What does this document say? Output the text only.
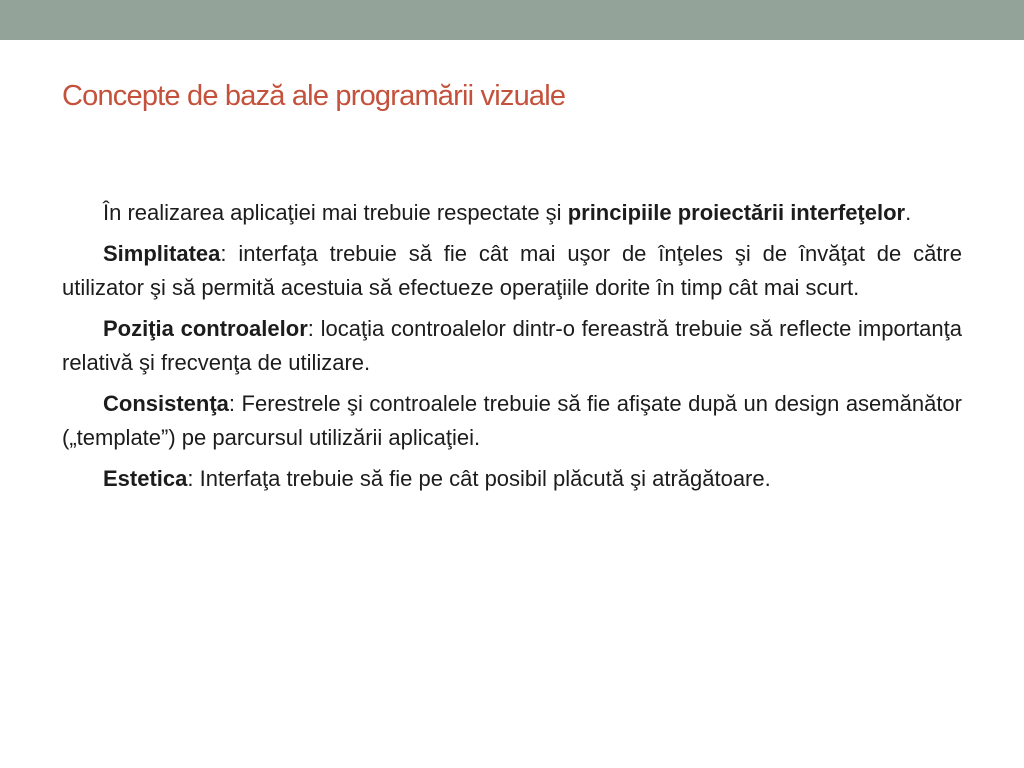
Concepte de bază ale programării vizuale

În realizarea aplicaţiei mai trebuie respectate şi principiile proiectării interfeţelor.

Simplitatea: interfaţa trebuie să fie cât mai uşor de înţeles şi de învăţat de către utilizator şi să permită acestuia să efectueze operaţiile dorite în timp cât mai scurt.

Poziţia controalelor: locaţia controalelor dintr-o fereastră trebuie să reflecte importanţa relativă şi frecvenţa de utilizare.

Consistenţa: Ferestrele şi controalele trebuie să fie afişate după un design asemănător („template”) pe parcursul utilizării aplicaţiei.

Estetica: Interfaţa trebuie să fie pe cât posibil plăcută şi atrăgătoare.
